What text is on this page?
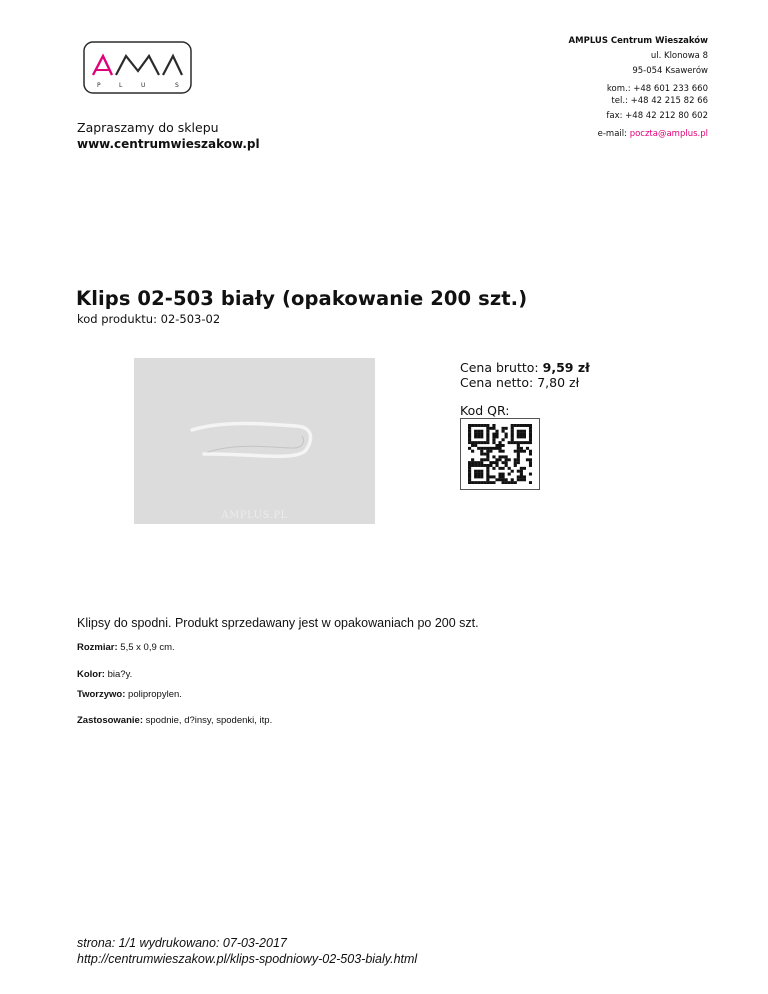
P	L	U	S
Zapraszamy do sklepu
www.centrumwieszakow.pl
AMPLUS Centrum Wieszaków
ul. Klonowa 8
95-054 Ksawerów
kom.: +48 601 233 660
tel.: +48 42 215 82 66
fax: +48 42 212 80 602
e-mail: poczta@amplus.pl
Klips 02-503 biały (opakowanie 200 szt.)
kod produktu: 02-503-02
AMPLUS.PL
Cena brutto: 9,59 zł
Cena netto: 7,80 zł
Kod QR:
Klipsy do spodni. Produkt sprzedawany jest w opakowaniach po 200 szt.
Rozmiar: 5,5 x 0,9 cm.
Kolor: bia?y.
Tworzywo: polipropylen.
Zastosowanie: spodnie, d?insy, spodenki, itp.
strona: 1/1 wydrukowano: 07-03-2017
http://centrumwieszakow.pl/klips-spodniowy-02-503-bialy.html
